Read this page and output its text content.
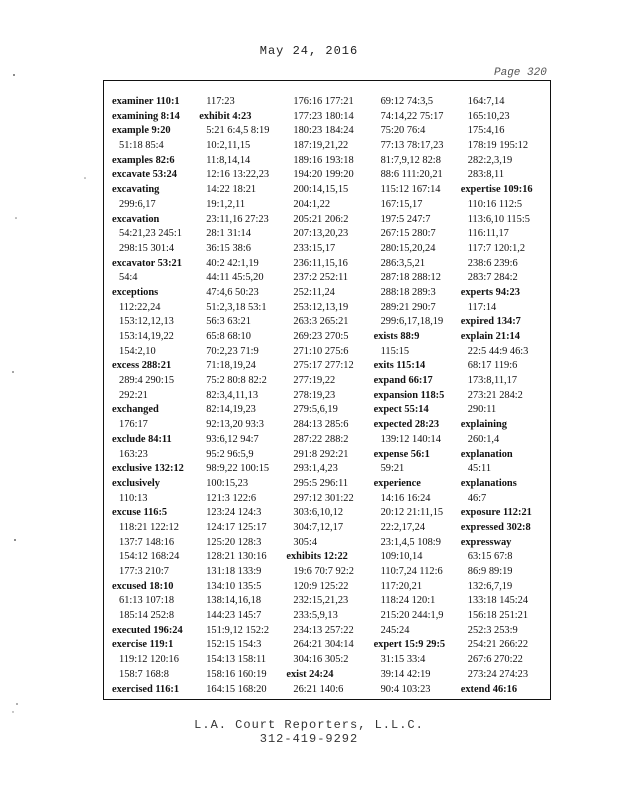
May 24, 2016
Page 320
examiner 110:1
examining 8:14
example 9:20
51:18 85:4
examples 82:6
excavate 53:24
excavating
299:6,17
excavation
54:21,23 245:1
298:15 301:4
excavator 53:21
54:4
exceptions
112:22,24
153:12,12,13
153:14,19,22
154:2,10
excess 288:21
289:4 290:15
292:21
exchanged
176:17
exclude 84:11
163:23
exclusive 132:12
exclusively
110:13
excuse 116:5
118:21 122:12
137:7 148:16
154:12 168:24
177:3 210:7
excused 18:10
61:13 107:18
185:14 252:8
executed 196:24
exercise 119:1
119:12 120:16
158:7 168:8
exercised 116:1
117:23
exhibit 4:23
5:21 6:4,5 8:19
10:2,11,15
11:8,14,14
12:16 13:22,23
14:22 18:21
19:1,2,11
23:11,16 27:23
28:1 31:14
36:15 38:6
40:2 42:1,19
44:11 45:5,20
47:4,6 50:23
51:2,3,18 53:1
56:3 63:21
65:8 68:10
70:2,23 71:9
71:18,19,24
75:2 80:8 82:2
82:3,4,11,13
82:14,19,23
92:13,20 93:3
93:6,12 94:7
95:2 96:5,9
98:9,22 100:15
100:15,23
121:3 122:6
123:24 124:3
124:17 125:17
125:20 128:3
128:21 130:16
131:18 133:9
134:10 135:5
138:14,16,18
144:23 145:7
151:9,12 152:2
152:15 154:3
154:13 158:11
158:16 160:19
164:15 168:20
176:16 177:21
177:23 180:14
180:23 184:24
187:19,21,22
189:16 193:18
194:20 199:20
200:14,15,15
204:1,22
205:21 206:2
207:13,20,23
233:15,17
236:11,15,16
237:2 252:11
252:11,24
253:12,13,19
263:3 265:21
269:23 270:5
271:10 275:6
275:17 277:12
277:19,22
278:19,23
279:5,6,19
284:13 285:6
287:22 288:2
291:8 292:21
293:1,4,23
295:5 296:11
297:12 301:22
303:6,10,12
304:7,12,17
305:4
exhibits 12:22
19:6 70:7 92:2
120:9 125:22
232:15,21,23
233:5,9,13
234:13 257:22
264:21 304:14
304:16 305:2
exist 24:24
26:21 140:6
69:12 74:3,5
74:14,22 75:17
75:20 76:4
77:13 78:17,23
81:7,9,12 82:8
88:6 111:20,21
115:12 167:14
167:15,17
197:5 247:7
267:15 280:7
280:15,20,24
286:3,5,21
287:18 288:12
288:18 289:3
289:21 290:7
299:6,17,18,19
exists 88:9
115:15
exits 115:14
expand 66:17
expansion 118:5
expect 55:14
expected 28:23
139:12 140:14
expense 56:1
59:21
experience
14:16 16:24
20:12 21:11,15
22:2,17,24
23:1,4,5 108:9
109:10,14
110:7,24 112:6
117:20,21
118:24 120:1
215:20 244:1,9
245:24
expert 15:9 29:5
31:15 33:4
39:14 42:19
90:4 103:23
164:7,14
165:10,23
175:4,16
178:19 195:12
282:2,3,19
283:8,11
expertise 109:16
110:16 112:5
113:6,10 115:5
116:11,17
117:7 120:1,2
238:6 239:6
283:7 284:2
experts 94:23
117:14
expired 134:7
explain 21:14
22:5 44:9 46:3
68:17 119:6
173:8,11,17
273:21 284:2
290:11
explaining
260:1,4
explanation
45:11
explanations
46:7
exposure 112:21
expressed 302:8
expressway
63:15 67:8
86:9 89:19
132:6,7,19
133:18 145:24
156:18 251:21
252:3 253:9
254:21 266:22
267:6 270:22
273:24 274:23
extend 46:16
L.A. Court Reporters, L.L.C.
312-419-9292
